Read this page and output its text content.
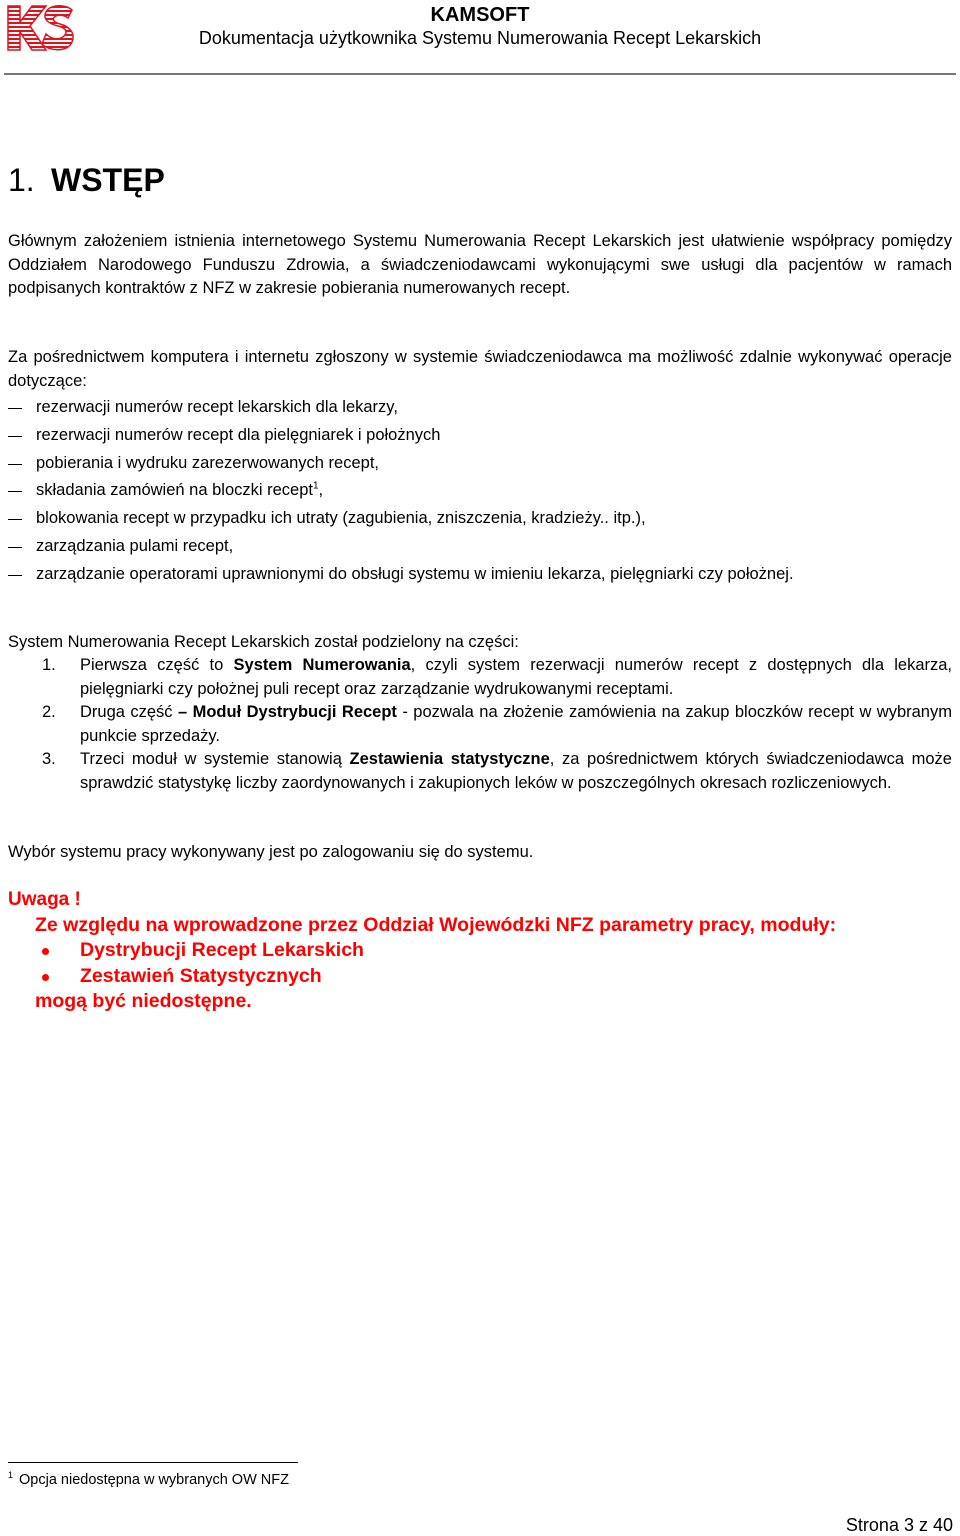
KAMSOFT
Dokumentacja użytkownika Systemu Numerowania Recept Lekarskich
1. WSTĘP

Głównym założeniem istnienia internetowego Systemu Numerowania Recept Lekarskich jest ułatwienie współpracy pomiędzy Oddziałem Narodowego Funduszu Zdrowia, a świadczeniodawcami wykonującymi swe usługi dla pacjentów w ramach podpisanych kontraktów z NFZ w zakresie pobierania numerowanych recept.

Za pośrednictwem komputera i internetu zgłoszony w systemie świadczeniodawca ma możliwość zdalnie wykonywać operacje dotyczące:

rezerwacji numerów recept lekarskich dla lekarzy,
rezerwacji numerów recept dla pielęgniarek i położnych
pobierania i wydruku zarezerwowanych recept,
składania zamówień na bloczki recept$^1$,
blokowania recept w przypadku ich utraty (zagubienia, zniszczenia, kradzieży.. itp.),
zarządzania pulami recept,
zarządzanie operatorami uprawnionymi do obsługi systemu w imieniu lekarza, pielęgniarki czy położnej.

System Numerowania Recept Lekarskich został podzielony na części:

1. Pierwsza część to System Numerowania, czyli system rezerwacji numerów recept z dostępnych dla lekarza, pielęgniarki czy położnej puli recept oraz zarządzanie wydrukowanymi receptami.
2. Druga część – Moduł Dystrybucji Recept - pozwala na złożenie zamówienia na zakup bloczków recept w wybranym punkcie sprzedaży.
3. Trzeci moduł w systemie stanowią Zestawienia statystyczne, za pośrednictwem których świadczeniodawca może sprawdzić statystykę liczby zaordynowanych i zakupionych leków w poszczególnych okresach rozliczeniowych.

Wybór systemu pracy wykonywany jest po zalogowaniu się do systemu.

Uwaga !

Ze względu na wprowadzone przez Oddział Wojewódzki NFZ parametry pracy, moduły:

Dystrybucji Recept Lekarskich
Zestawień Statystycznych

mogą być niedostępne.

$^1$ Opcja niedostępna w wybranych OW NFZ

Strona 3 z 40
